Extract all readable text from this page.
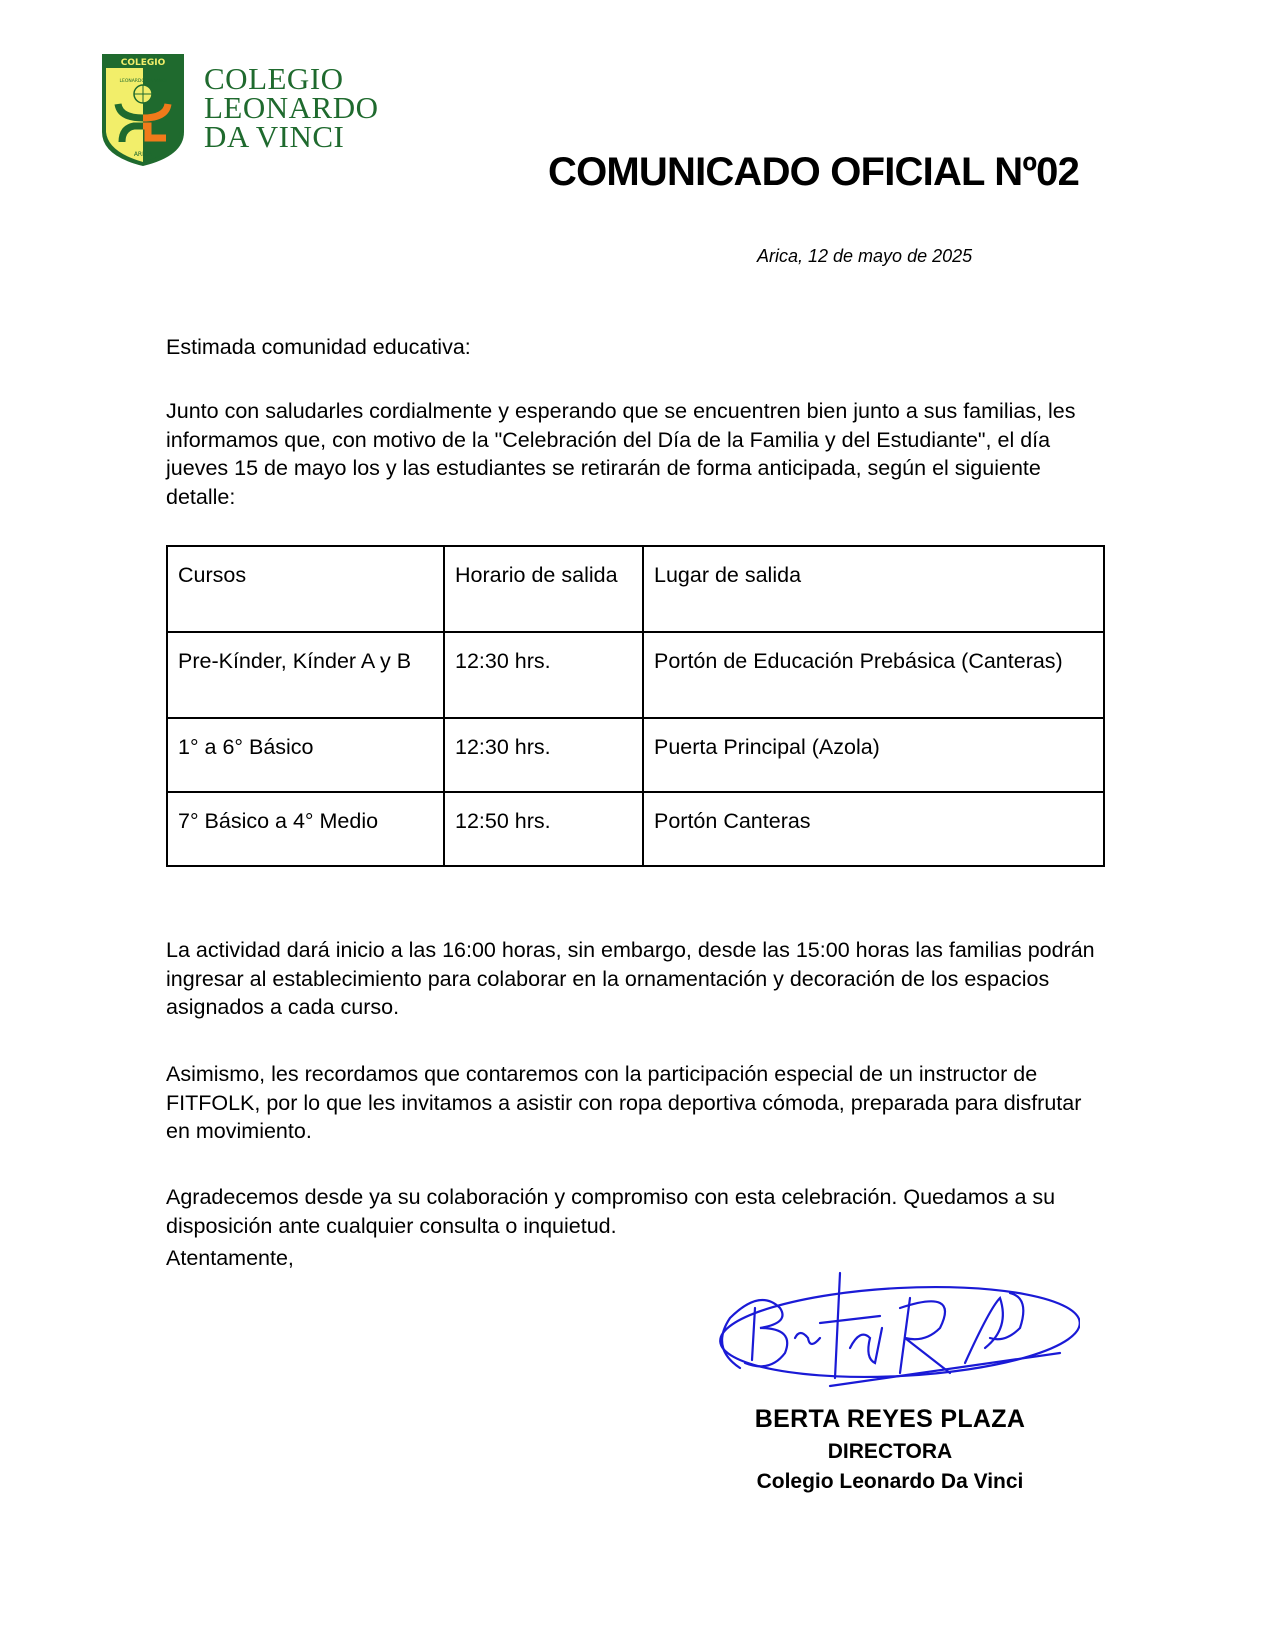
COLEGIO
LEONARDO DA VINCI
ARICA
COLEGIO
LEONARDO
DA VINCI
COMUNICADO OFICIAL Nº02
Arica, 12 de mayo de 2025
Estimada comunidad educativa:
Junto con saludarles cordialmente y esperando que se encuentren bien junto a sus familias, les informamos que, con motivo de la "Celebración del Día de la Familia y del Estudiante", el día jueves 15 de mayo los y las estudiantes se retirarán de forma anticipada, según el siguiente detalle:
Cursos	Horario de salida	Lugar de salida
Pre-Kínder, Kínder A y B	12:30 hrs.	Portón de Educación Prebásica (Canteras)
1° a 6° Básico	12:30 hrs.	Puerta Principal (Azola)
7° Básico a 4° Medio	12:50 hrs.	Portón Canteras
La actividad dará inicio a las 16:00 horas, sin embargo, desde las 15:00 horas las familias podrán ingresar al establecimiento para colaborar en la ornamentación y decoración de los espacios asignados a cada curso.
Asimismo, les recordamos que contaremos con la participación especial de un instructor de FITFOLK, por lo que les invitamos a asistir con ropa deportiva cómoda, preparada para disfrutar en movimiento.
Agradecemos desde ya su colaboración y compromiso con esta celebración. Quedamos a su disposición ante cualquier consulta o inquietud.
Atentamente,
BERTA REYES PLAZA
DIRECTORA
Colegio Leonardo Da Vinci
